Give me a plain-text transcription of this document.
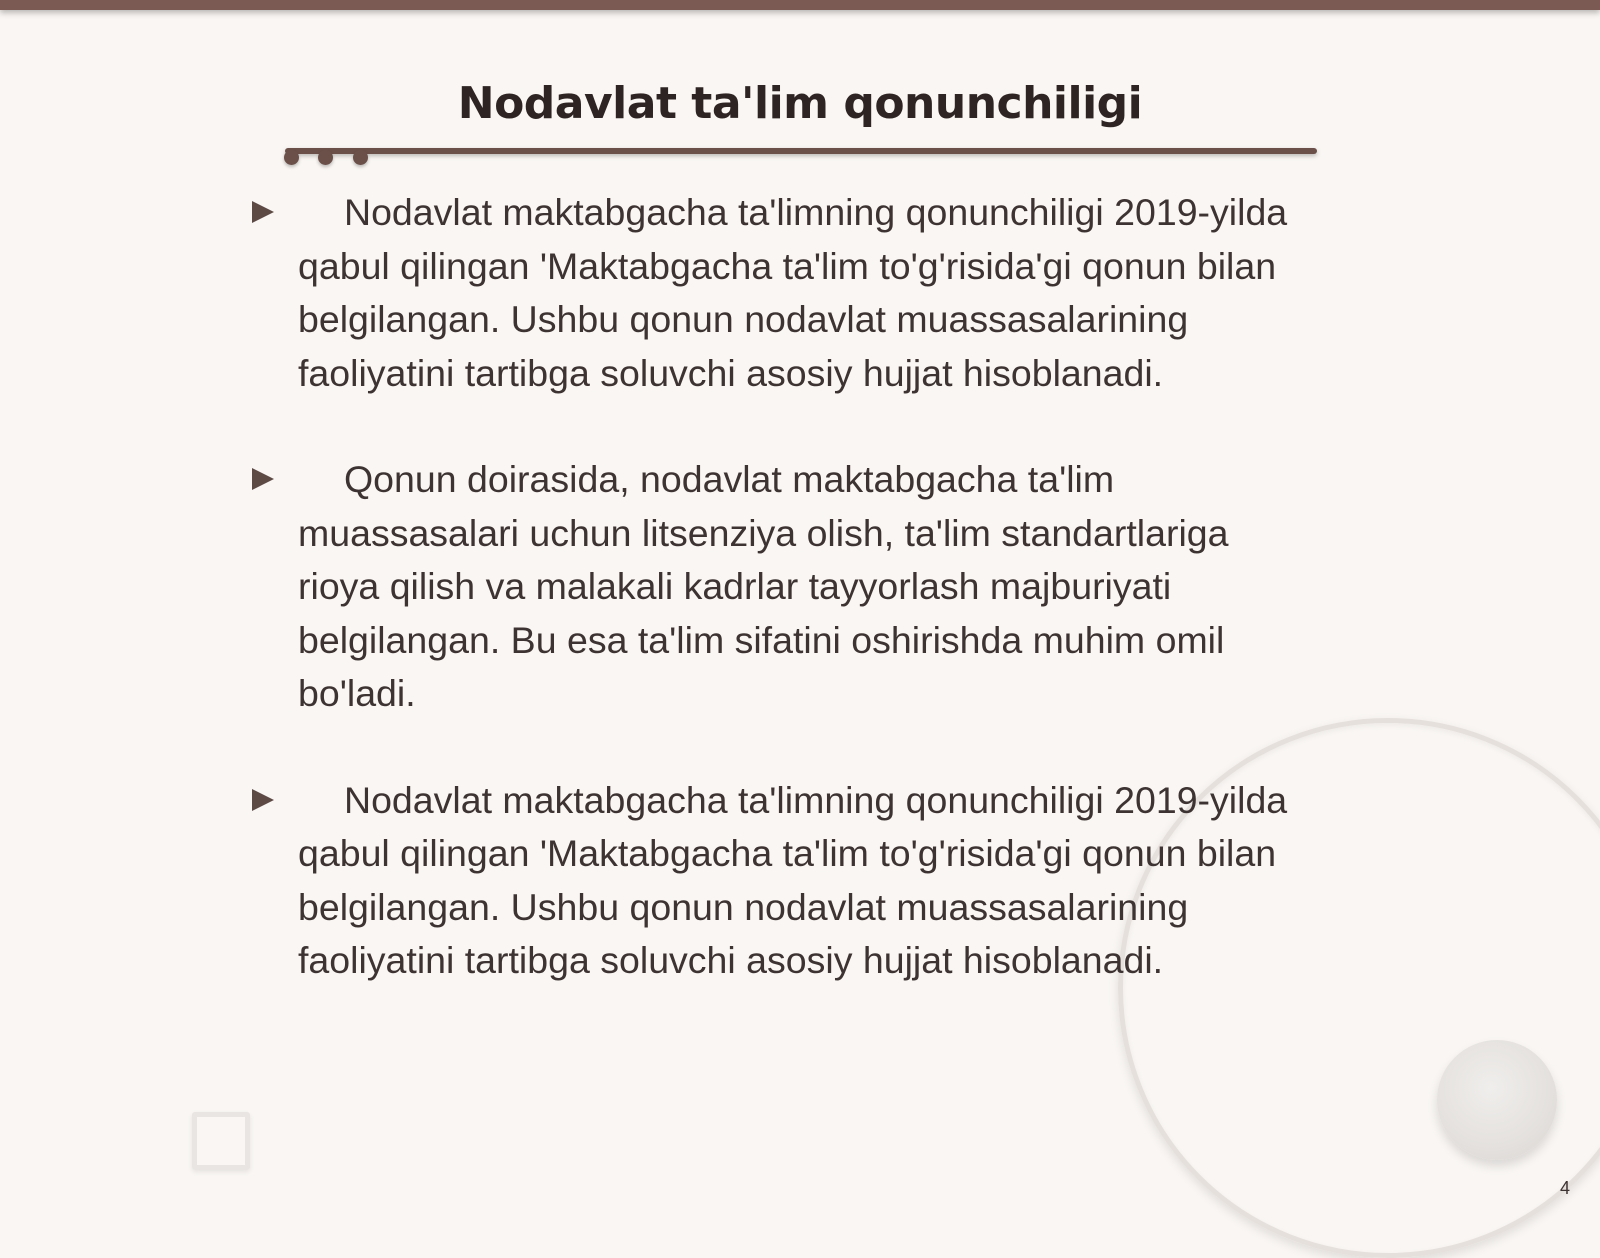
Nodavlat ta'lim qonunchiligi

Nodavlat maktabgacha ta'limning qonunchiligi 2019-yilda qabul qilingan 'Maktabgacha ta'lim to'g'risida'gi qonun bilan belgilangan. Ushbu qonun nodavlat muassasalarining faoliyatini tartibga soluvchi asosiy hujjat hisoblanadi.

Qonun doirasida, nodavlat maktabgacha ta'lim muassasalari uchun litsenziya olish, ta'lim standartlariga rioya qilish va malakali kadrlar tayyorlash majburiyati belgilangan. Bu esa ta'lim sifatini oshirishda muhim omil bo'ladi.

Nodavlat maktabgacha ta'limning qonunchiligi 2019-yilda qabul qilingan 'Maktabgacha ta'lim to'g'risida'gi qonun bilan belgilangan. Ushbu qonun nodavlat muassasalarining faoliyatini tartibga soluvchi asosiy hujjat hisoblanadi.

4
